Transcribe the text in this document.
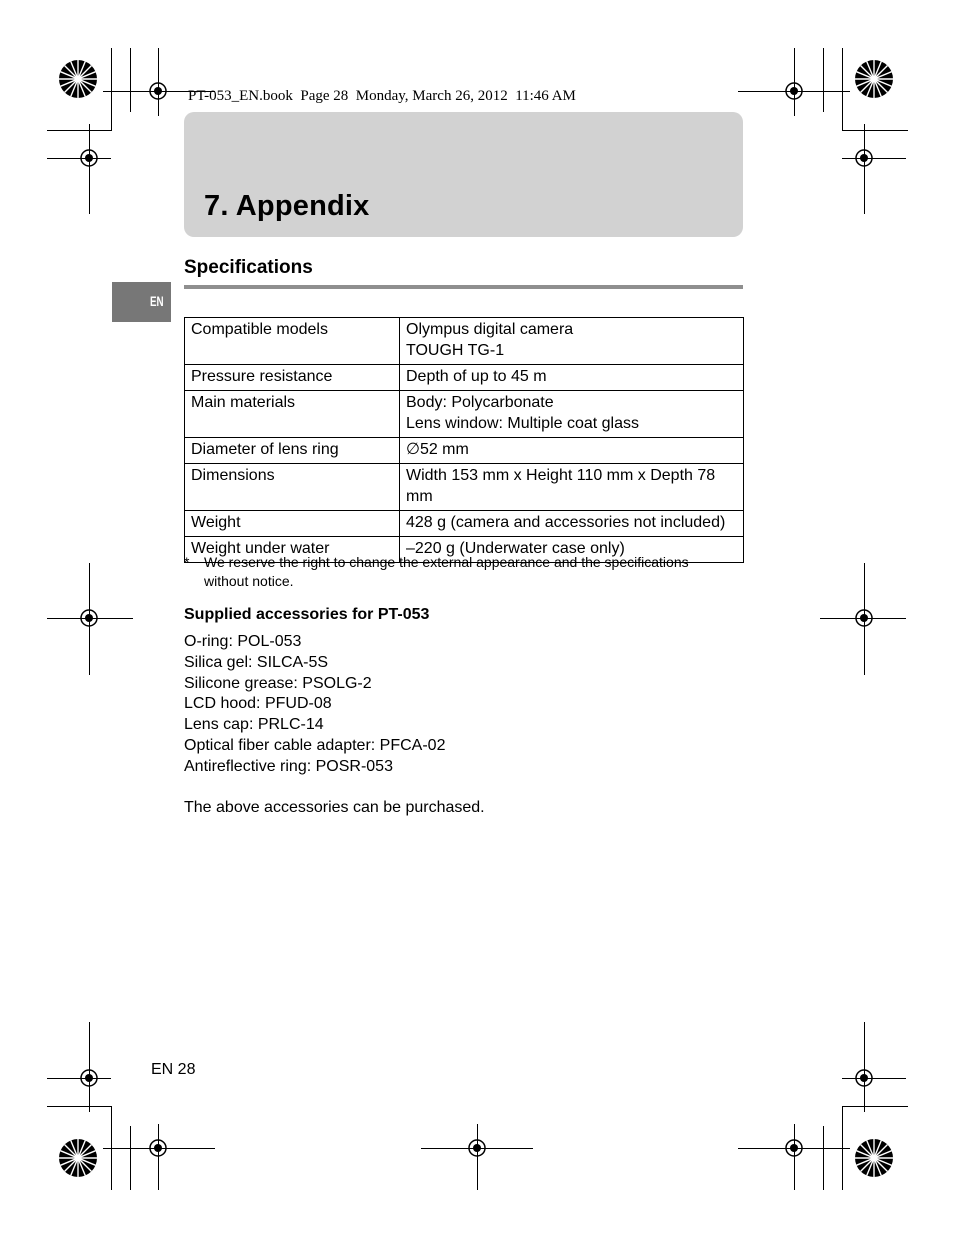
PT-053_EN.book  Page 28  Monday, March 26, 2012  11:46 AM
7. Appendix
EN
Specifications
Compatible models	Olympus digital camera
TOUGH TG-1

Pressure resistance	Depth of up to 45 m

Main materials	Body: Polycarbonate
Lens window: Multiple coat glass

Diameter of lens ring	∅52 mm

Dimensions	Width 153 mm x Height 110 mm x Depth 78 mm

Weight	428 g (camera and accessories not included)

Weight under water	–220 g (Underwater case only)
* We reserve the right to change the external appearance and the specifications without notice.
Supplied accessories for PT-053
O-ring: POL-053
Silica gel: SILCA-5S
Silicone grease: PSOLG-2
LCD hood: PFUD-08
Lens cap: PRLC-14
Optical fiber cable adapter: PFCA-02
Antireflective ring: POSR-053
The above accessories can be purchased.
EN 28
